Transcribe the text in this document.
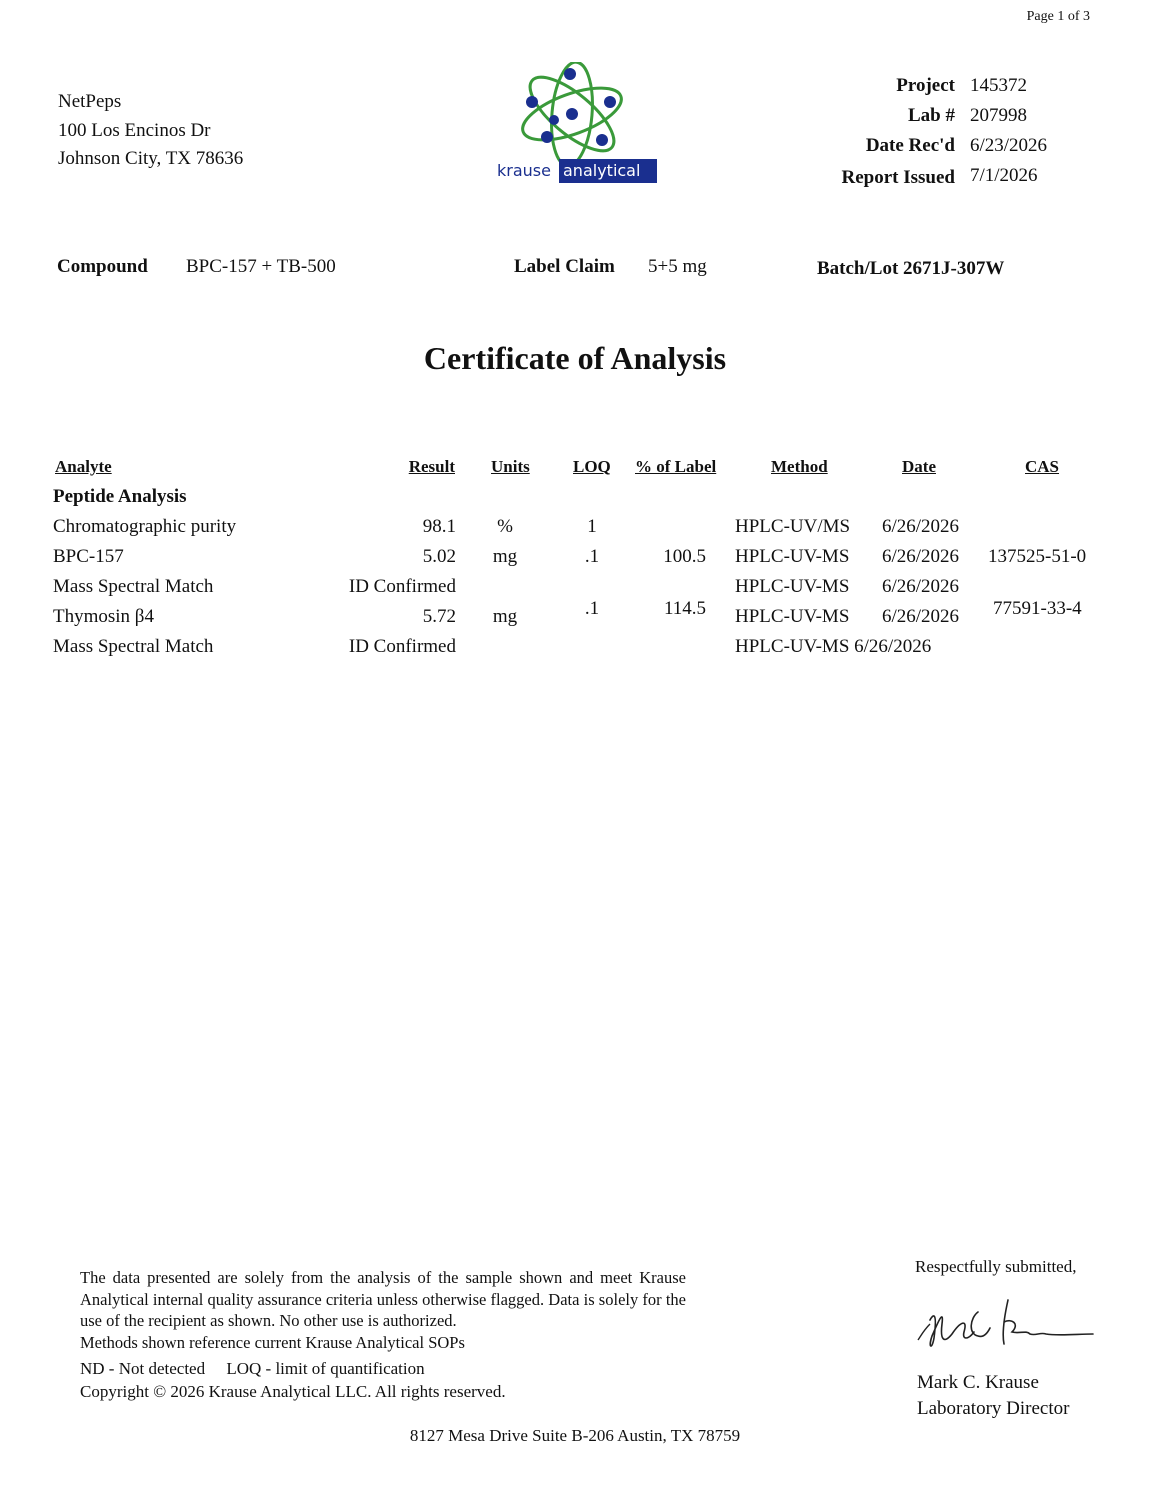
Page 1 of 3
NetPeps
100 Los Encinos Dr
Johnson City, TX 78636
krause analytical
Project 145372
Lab # 207998
Date Rec'd 6/23/2026
Report Issued 7/1/2026
Compound BPC-157 + TB-500	Label Claim 5+5 mg	Batch/Lot 2671J-307W
Certificate of Analysis
Analyte	Result Units	LOQ % of Label	Method	Date	CAS
Peptide Analysis
Chromatographic purity	98.1	%	1	HPLC-UV/MS 6/26/2026
BPC-157	5.02	mg	.1	100.5 HPLC-UV-MS 6/26/2026 137525-51-0
Mass Spectral Match	ID Confirmed	HPLC-UV-MS 6/26/2026
Thymosin β4	5.72	mg	.1	114.5 HPLC-UV-MS 6/26/2026 77591-33-4
Mass Spectral Match	ID Confirmed	HPLC-UV-MS 6/26/2026

The data presented are solely from the analysis of the sample shown and meet Krause Analytical internal quality assurance criteria unless otherwise flagged. Data is solely for the use of the recipient as shown. No other use is authorized.

Methods shown reference current Krause Analytical SOPs

ND - Not detected     LOQ - limit of quantification
Copyright © 2026 Krause Analytical LLC. All rights reserved.
Respectfully submitted,
Mark C. Krause
Laboratory Director
8127 Mesa Drive Suite B-206 Austin, TX 78759
